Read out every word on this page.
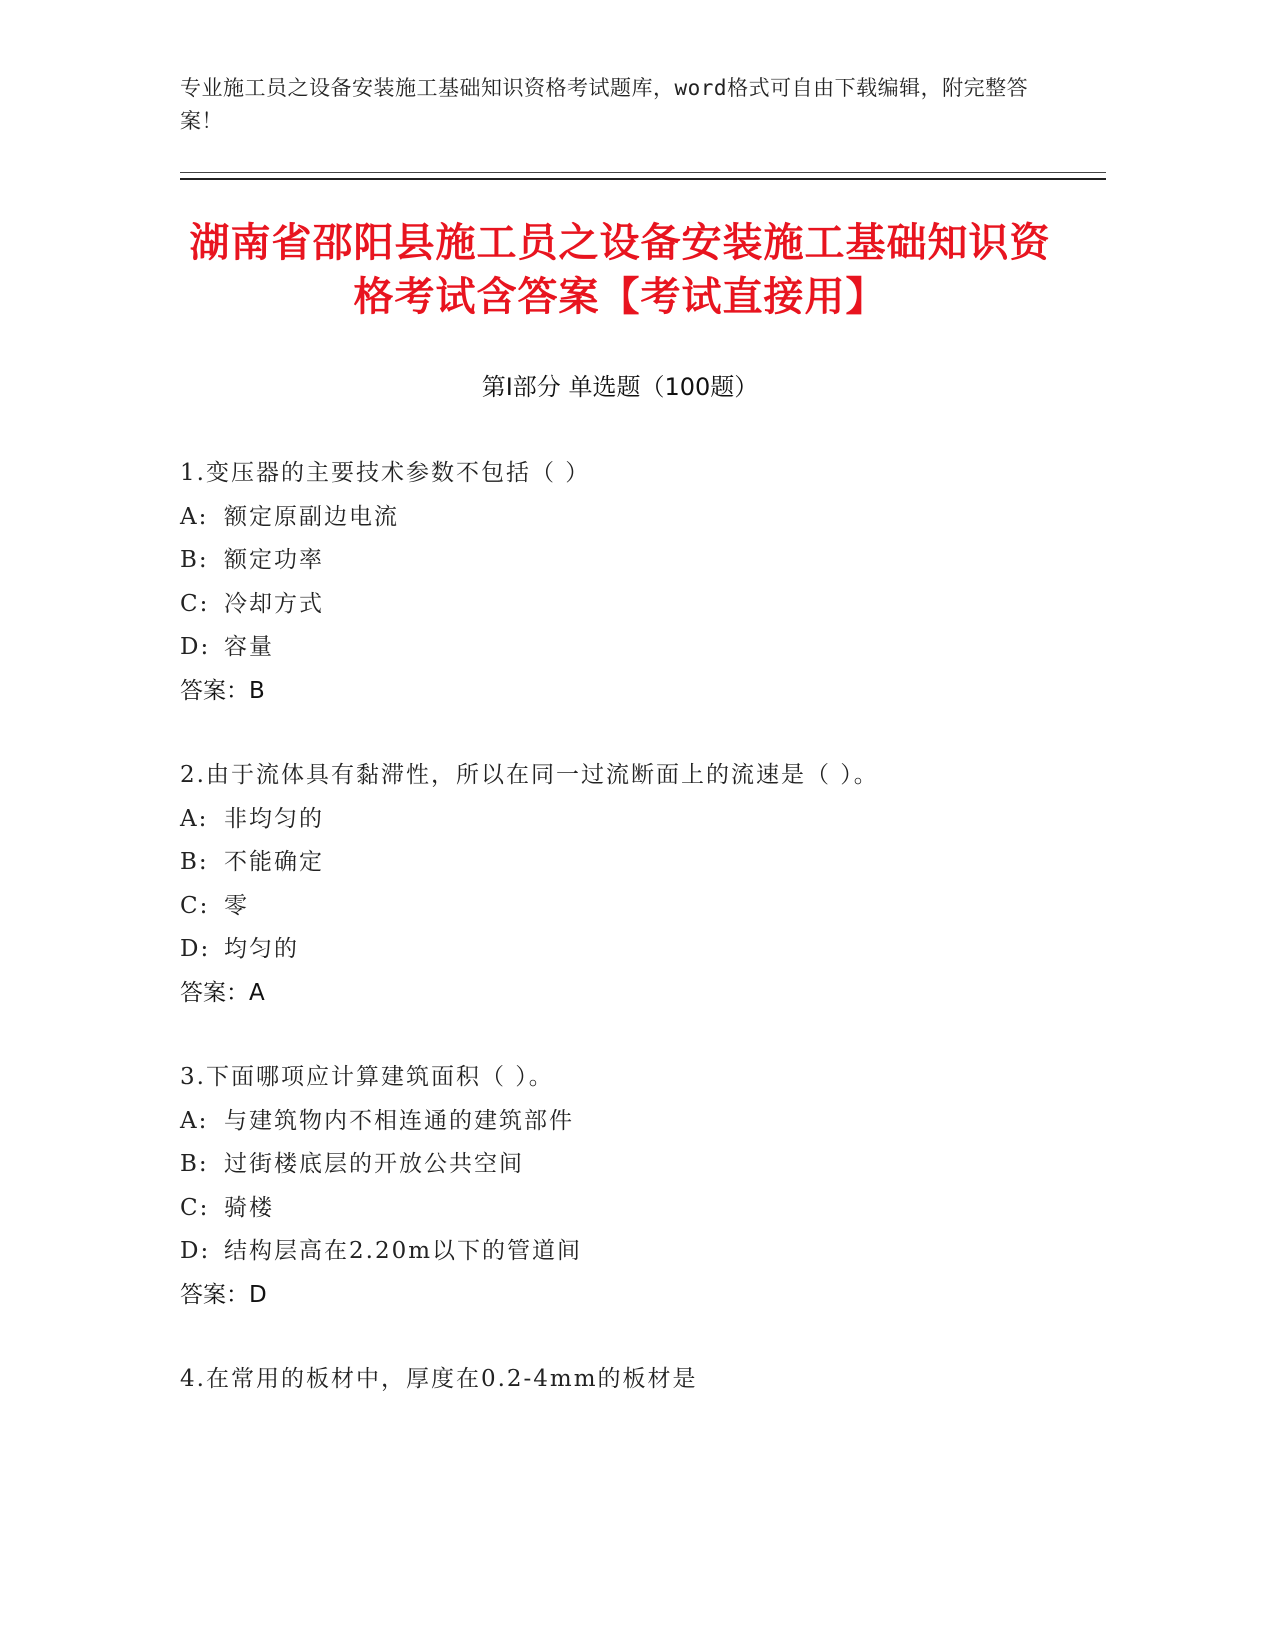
专业施工员之设备安装施工基础知识资格考试题库，word格式可自由下载编辑，附完整答案！
湖南省邵阳县施工员之设备安装施工基础知识资格考试含答案【考试直接用】
第I部分 单选题（100题）
1.变压器的主要技术参数不包括（ ）
A: 额定原副边电流
B: 额定功率
C: 冷却方式
D: 容量
答案：B
2.由于流体具有黏滞性，所以在同一过流断面上的流速是（ ）。
A: 非均匀的
B: 不能确定
C: 零
D: 均匀的
答案：A
3.下面哪项应计算建筑面积（ ）。
A: 与建筑物内不相连通的建筑部件
B: 过街楼底层的开放公共空间
C: 骑楼
D: 结构层高在2.20m以下的管道间
答案：D
4.在常用的板材中，厚度在0.2-4mm的板材是
